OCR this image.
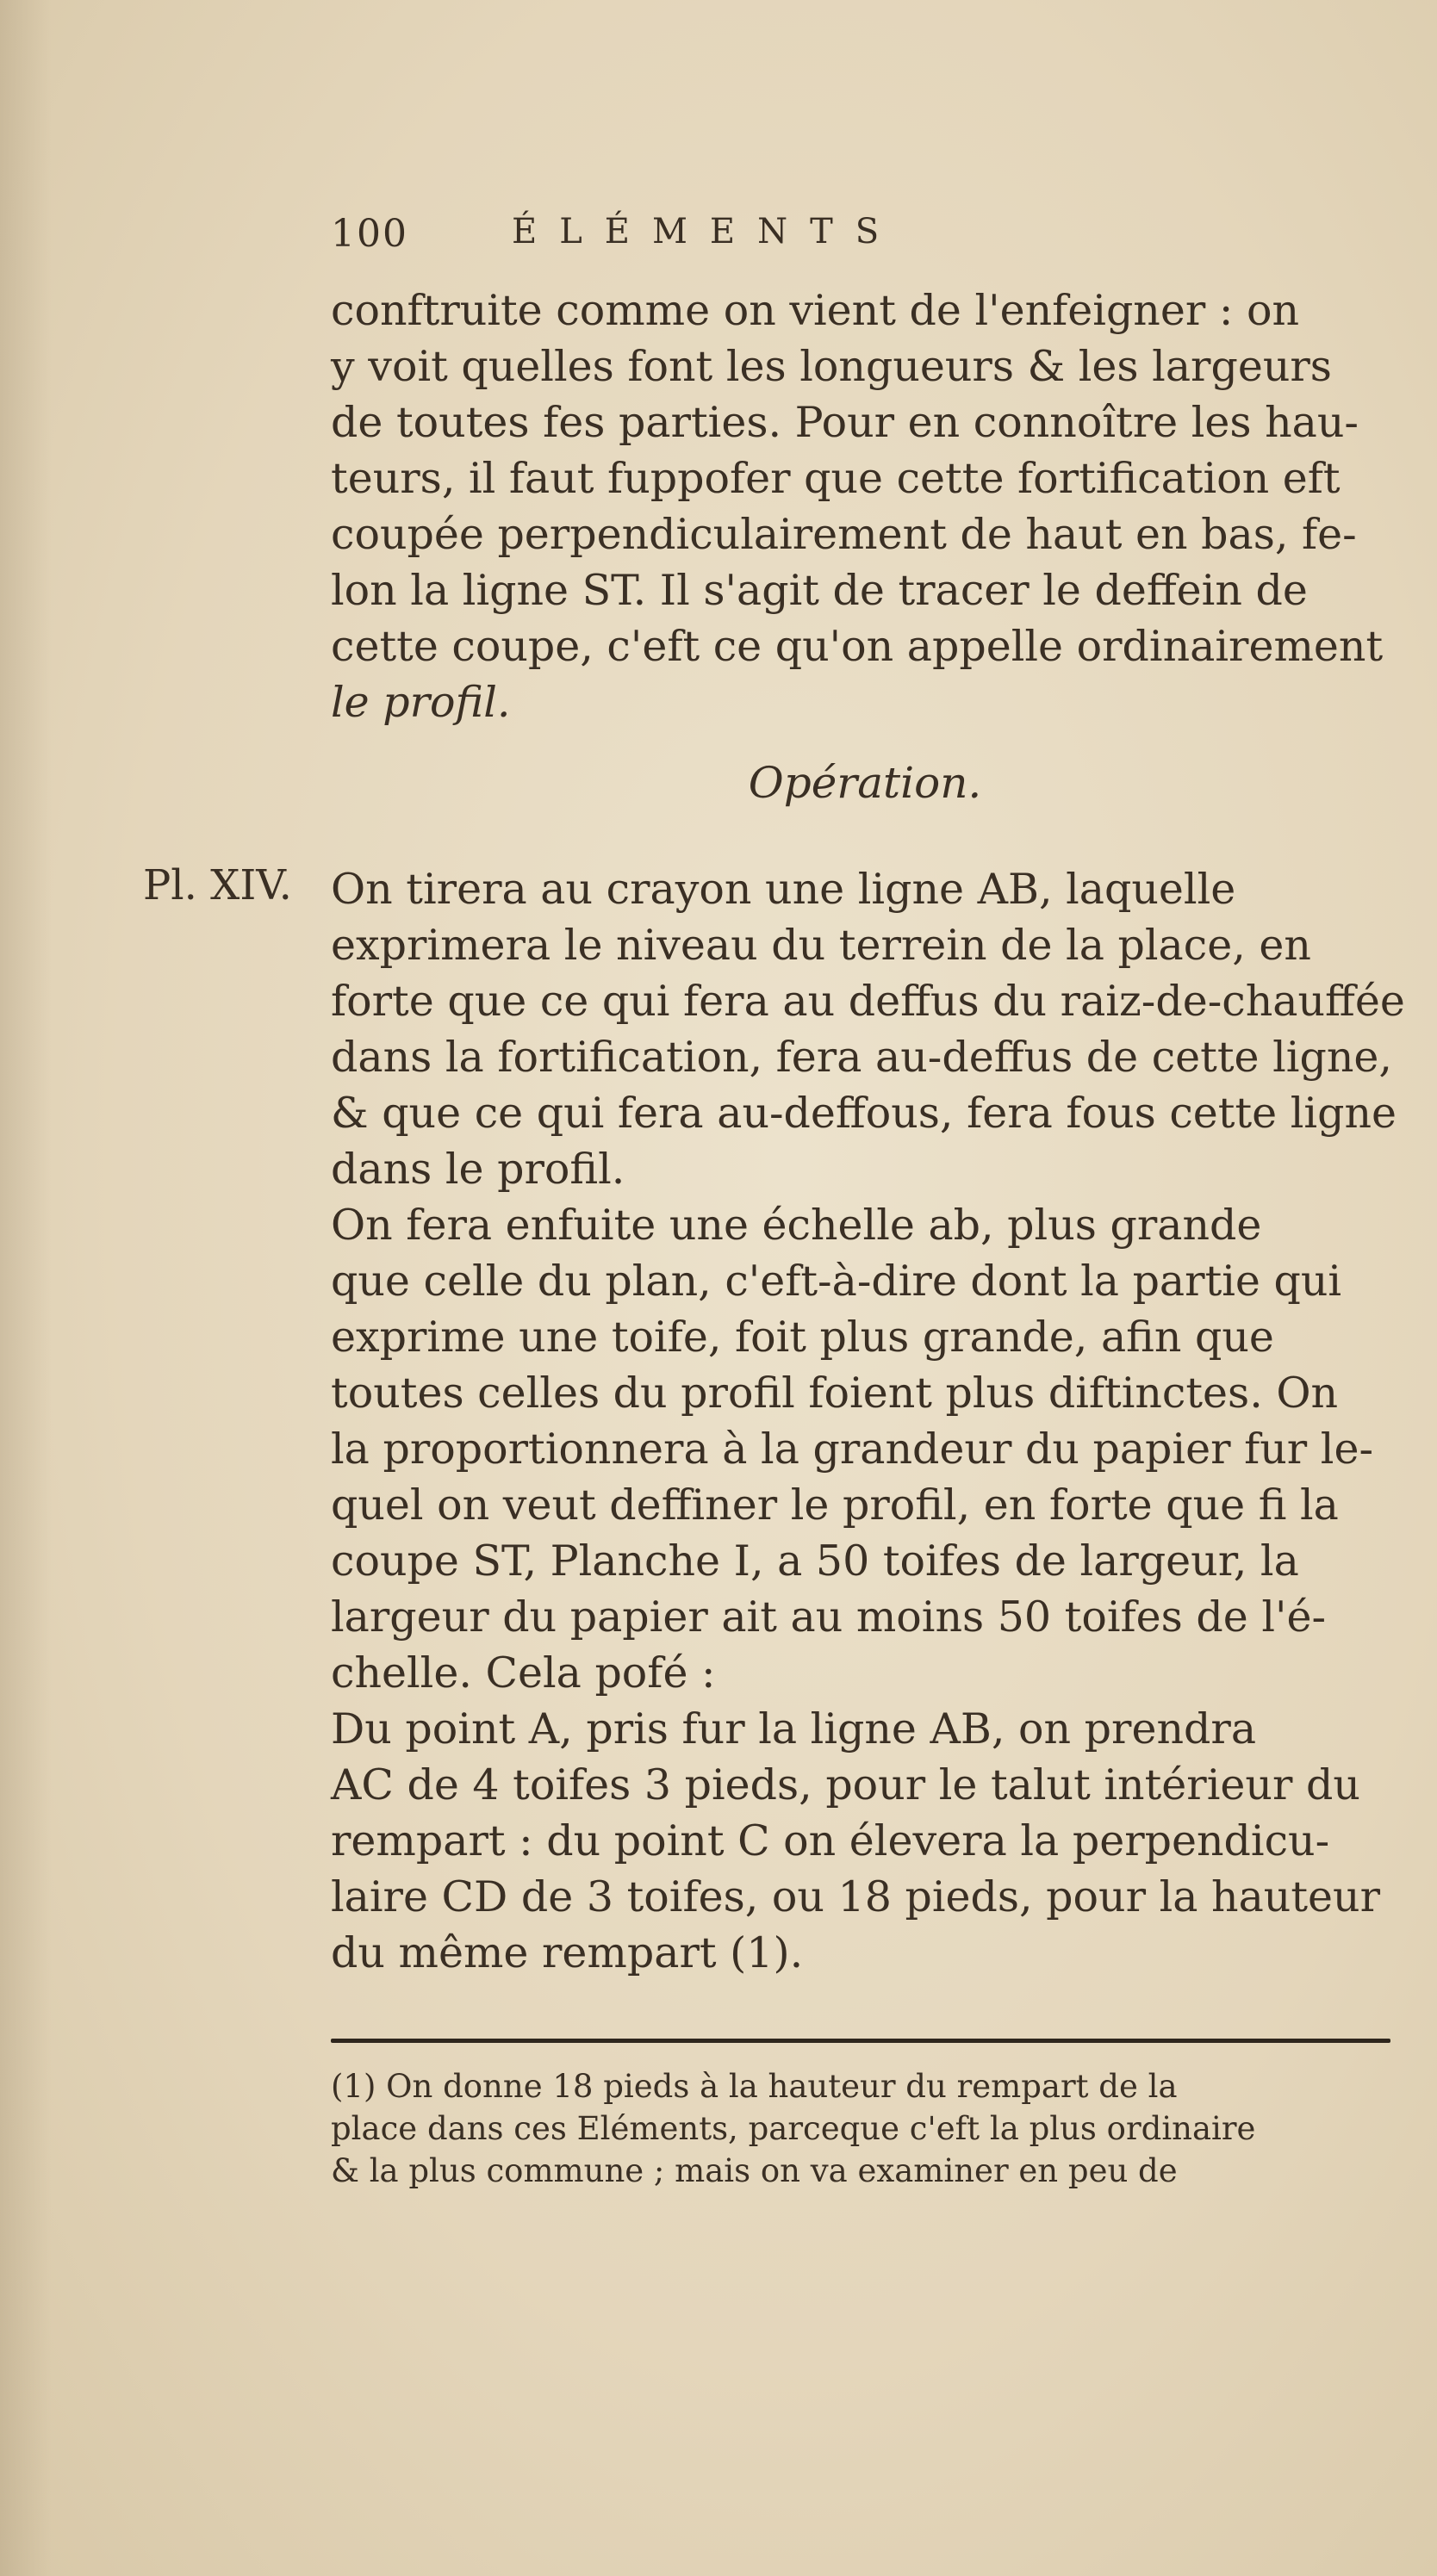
100	ÉLÉMENTS
conftruite comme on vient de l'enfeigner : on
y voit quelles font les longueurs & les largeurs
de toutes fes parties. Pour en connoître les hau-
teurs, il faut fuppofer que cette fortification eft
coupée perpendiculairement de haut en bas, fe-
lon la ligne ST. Il s'agit de tracer le deffein de
cette coupe, c'eft ce qu'on appelle ordinairement
le profil.
Opération.
Pl. XIV. On tirera au crayon une ligne AB, laquelle
exprimera le niveau du terrein de la place, en
forte que ce qui fera au deffus du raiz-de-chauffée
dans la fortification, fera au-deffus de cette ligne,
& que ce qui fera au-deffous, fera fous cette ligne
dans le profil.
On fera enfuite une échelle ab, plus grande
que celle du plan, c'eft-à-dire dont la partie qui
exprime une toife, foit plus grande, afin que
toutes celles du profil foient plus diftinctes. On
la proportionnera à la grandeur du papier fur le-
quel on veut deffiner le profil, en forte que fi la
coupe ST, Planche I, a 50 toifes de largeur, la
largeur du papier ait au moins 50 toifes de l'é-
chelle. Cela pofé :
Du point A, pris fur la ligne AB, on prendra
AC de 4 toifes 3 pieds, pour le talut intérieur du
rempart : du point C on élevera la perpendicu-
laire CD de 3 toifes, ou 18 pieds, pour la hauteur
du même rempart (1).
(1) On donne 18 pieds à la hauteur du rempart de la
place dans ces Eléments, parceque c'eft la plus ordinaire
& la plus commune ; mais on va examiner en peu de
